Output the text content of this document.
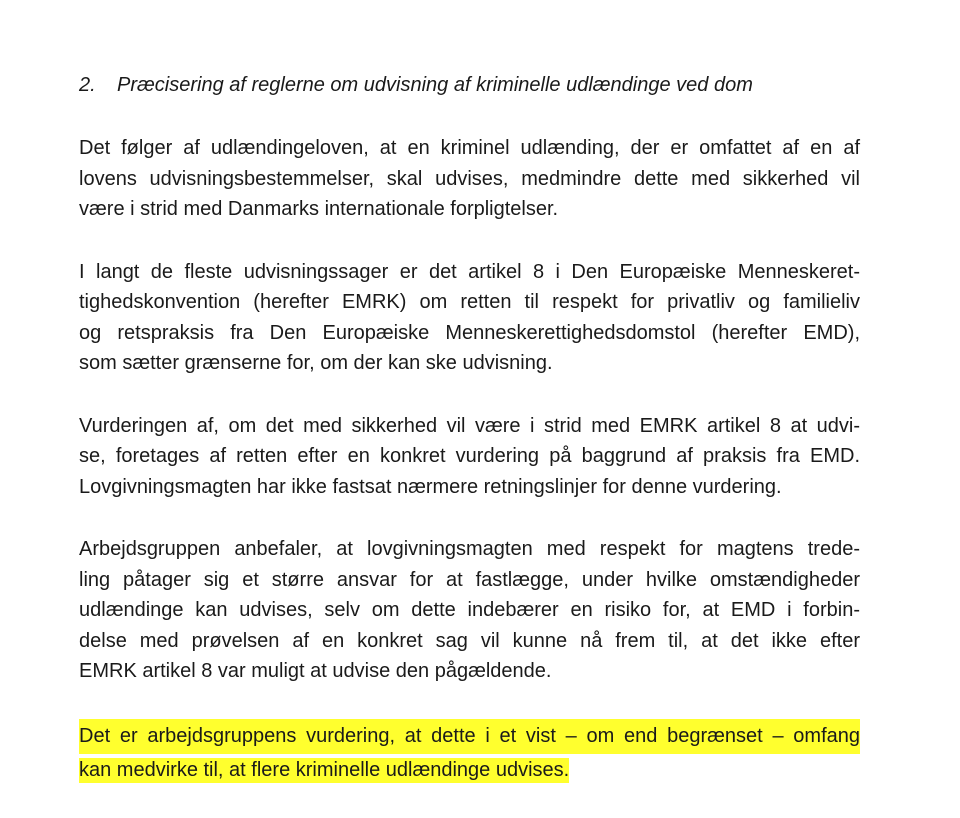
2. Præcisering af reglerne om udvisning af kriminelle udlændinge ved dom
Det følger af udlændingeloven, at en kriminel udlænding, der er omfattet af en af
lovens udvisningsbestemmelser, skal udvises, medmindre dette med sikkerhed vil
være i strid med Danmarks internationale forpligtelser.
I langt de fleste udvisningssager er det artikel 8 i Den Europæiske Menneskeret-
tighedskonvention (herefter EMRK) om retten til respekt for privatliv og familieliv
og retspraksis fra Den Europæiske Menneskerettighedsdomstol (herefter EMD),
som sætter grænserne for, om der kan ske udvisning.
Vurderingen af, om det med sikkerhed vil være i strid med EMRK artikel 8 at udvi-
se, foretages af retten efter en konkret vurdering på baggrund af praksis fra EMD.
Lovgivningsmagten har ikke fastsat nærmere retningslinjer for denne vurdering.
Arbejdsgruppen anbefaler, at lovgivningsmagten med respekt for magtens trede-
ling påtager sig et større ansvar for at fastlægge, under hvilke omstændigheder
udlændinge kan udvises, selv om dette indebærer en risiko for, at EMD i forbin-
delse med prøvelsen af en konkret sag vil kunne nå frem til, at det ikke efter
EMRK artikel 8 var muligt at udvise den pågældende.
Det er arbejdsgruppens vurdering, at dette i et vist – om end begrænset – omfang
kan medvirke til, at flere kriminelle udlændinge udvises.
